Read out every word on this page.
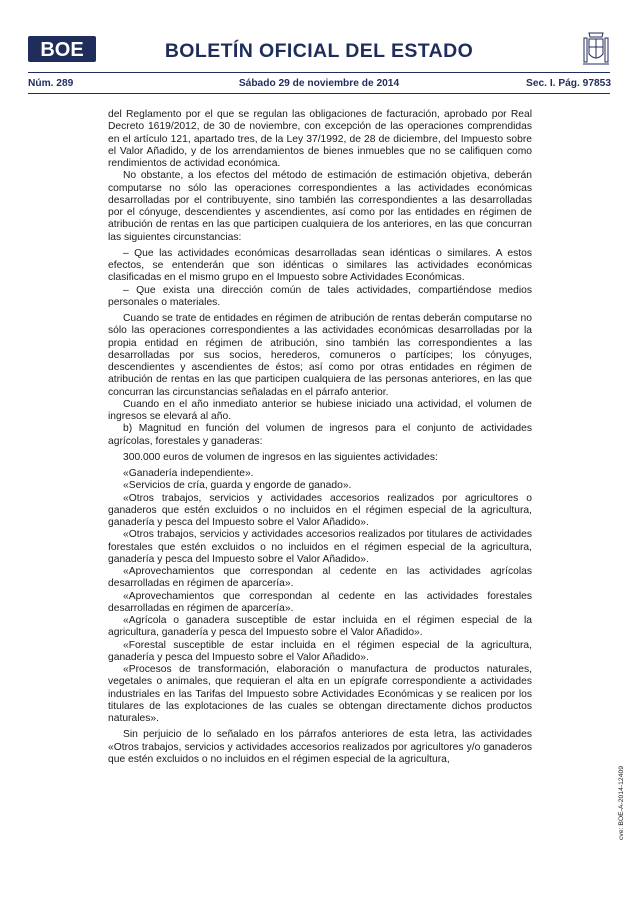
BOE	BOLETÍN OFICIAL DEL ESTADO
Núm. 289	Sábado 29 de noviembre de 2014	Sec. I. Pág. 97853

del Reglamento por el que se regulan las obligaciones de facturación, aprobado por Real Decreto 1619/2012, de 30 de noviembre, con excepción de las operaciones comprendidas en el artículo 121, apartado tres, de la Ley 37/1992, de 28 de diciembre, del Impuesto sobre el Valor Añadido, y de los arrendamientos de bienes inmuebles que no se califiquen como rendimientos de actividad económica.

No obstante, a los efectos del método de estimación de estimación objetiva, deberán computarse no sólo las operaciones correspondientes a las actividades económicas desarrolladas por el contribuyente, sino también las correspondientes a las desarrolladas por el cónyuge, descendientes y ascendientes, así como por las entidades en régimen de atribución de rentas en las que participen cualquiera de los anteriores, en las que concurran las siguientes circunstancias:

– Que las actividades económicas desarrolladas sean idénticas o similares. A estos efectos, se entenderán que son idénticas o similares las actividades económicas clasificadas en el mismo grupo en el Impuesto sobre Actividades Económicas.

– Que exista una dirección común de tales actividades, compartiéndose medios personales o materiales.

Cuando se trate de entidades en régimen de atribución de rentas deberán computarse no sólo las operaciones correspondientes a las actividades económicas desarrolladas por la propia entidad en régimen de atribución, sino también las correspondientes a las desarrolladas por sus socios, herederos, comuneros o partícipes; los cónyuges, descendientes y ascendientes de éstos; así como por otras entidades en régimen de atribución de rentas en las que participen cualquiera de las personas anteriores, en las que concurran las circunstancias señaladas en el párrafo anterior.

Cuando en el año inmediato anterior se hubiese iniciado una actividad, el volumen de ingresos se elevará al año.

b) Magnitud en función del volumen de ingresos para el conjunto de actividades agrícolas, forestales y ganaderas:

300.000 euros de volumen de ingresos en las siguientes actividades:

«Ganadería independiente».

«Servicios de cría, guarda y engorde de ganado».

«Otros trabajos, servicios y actividades accesorios realizados por agricultores o ganaderos que estén excluidos o no incluidos en el régimen especial de la agricultura, ganadería y pesca del Impuesto sobre el Valor Añadido».

«Otros trabajos, servicios y actividades accesorios realizados por titulares de actividades forestales que estén excluidos o no incluidos en el régimen especial de la agricultura, ganadería y pesca del Impuesto sobre el Valor Añadido».

«Aprovechamientos que correspondan al cedente en las actividades agrícolas desarrolladas en régimen de aparcería».

«Aprovechamientos que correspondan al cedente en las actividades forestales desarrolladas en régimen de aparcería».

«Agrícola o ganadera susceptible de estar incluida en el régimen especial de la agricultura, ganadería y pesca del Impuesto sobre el Valor Añadido».

«Forestal susceptible de estar incluida en el régimen especial de la agricultura, ganadería y pesca del Impuesto sobre el Valor Añadido».

«Procesos de transformación, elaboración o manufactura de productos naturales, vegetales o animales, que requieran el alta en un epígrafe correspondiente a actividades industriales en las Tarifas del Impuesto sobre Actividades Económicas y se realicen por los titulares de las explotaciones de las cuales se obtengan directamente dichos productos naturales».

Sin perjuicio de lo señalado en los párrafos anteriores de esta letra, las actividades «Otros trabajos, servicios y actividades accesorios realizados por agricultores y/o ganaderos que estén excluidos o no incluidos en el régimen especial de la agricultura,

cve: BOE-A-2014-12409
